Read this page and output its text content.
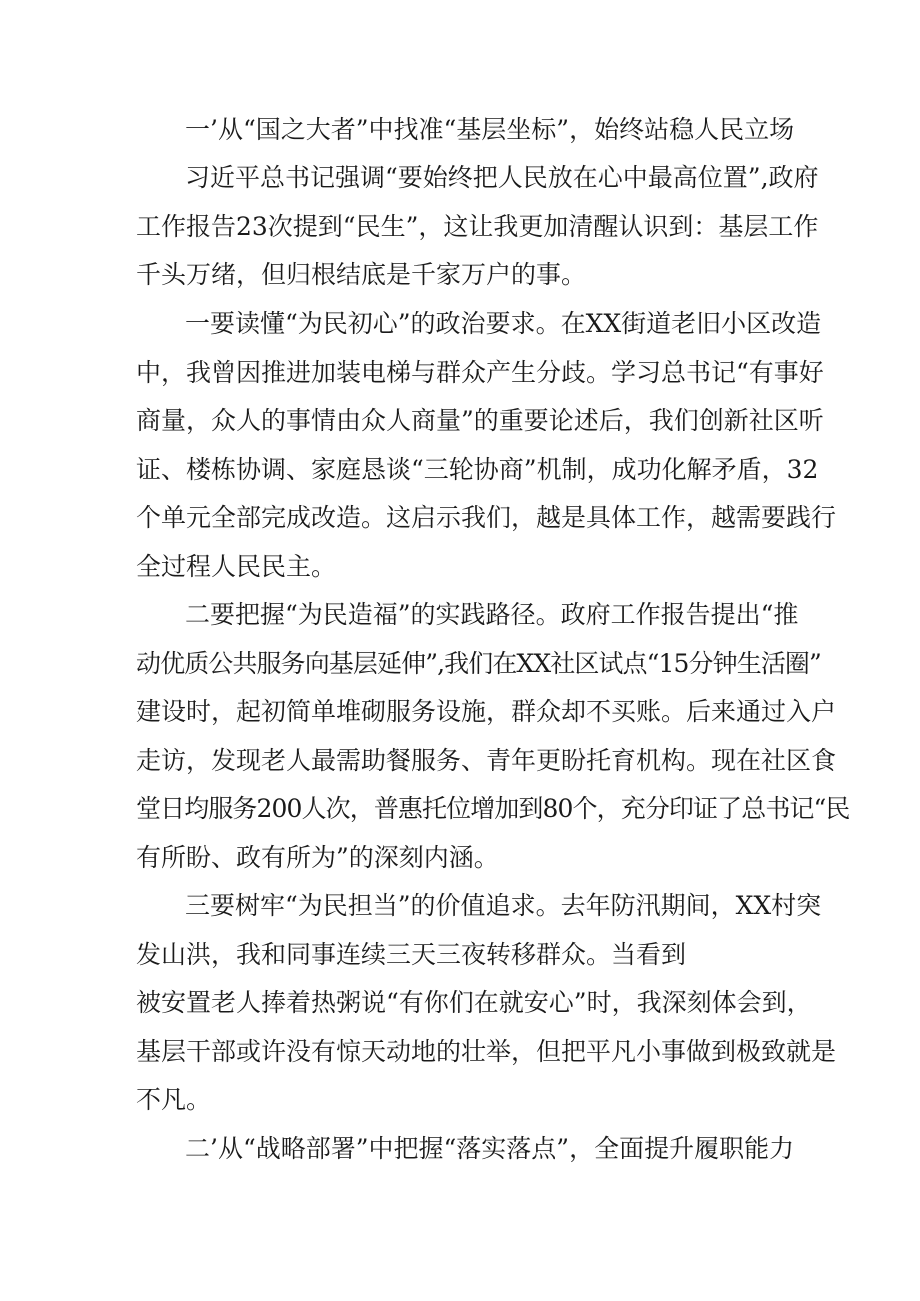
一’从“国之大者”中找准“基层坐标”，始终站稳人民立场

习近平总书记强调“要始终把人民放在心中最高位置”,政府

工作报告23次提到“民生”，这让我更加清醒认识到：基层工作

千头万绪，但归根结底是千家万户的事。

一要读懂“为民初心”的政治要求。在XX街道老旧小区改造

中，我曾因推进加装电梯与群众产生分歧。学习总书记“有事好

商量，众人的事情由众人商量”的重要论述后，我们创新社区听

证、楼栋协调、家庭恳谈“三轮协商”机制，成功化解矛盾，32

个单元全部完成改造。这启示我们，越是具体工作，越需要践行

全过程人民民主。

二要把握“为民造福”的实践路径。政府工作报告提出“推

动优质公共服务向基层延伸”,我们在XX社区试点“15分钟生活圈”

建设时，起初简单堆砌服务设施，群众却不买账。后来通过入户

走访，发现老人最需助餐服务、青年更盼托育机构。现在社区食

堂日均服务200人次，普惠托位增加到80个，充分印证了总书记“民

有所盼、政有所为”的深刻内涵。

三要树牢“为民担当”的价值追求。去年防汛期间，XX村突

发山洪，我和同事连续三天三夜转移群众。当看到

被安置老人捧着热粥说“有你们在就安心”时，我深刻体会到，

基层干部或许没有惊天动地的壮举，但把平凡小事做到极致就是

不凡。

二’从“战略部署”中把握“落实落点”，全面提升履职能力
